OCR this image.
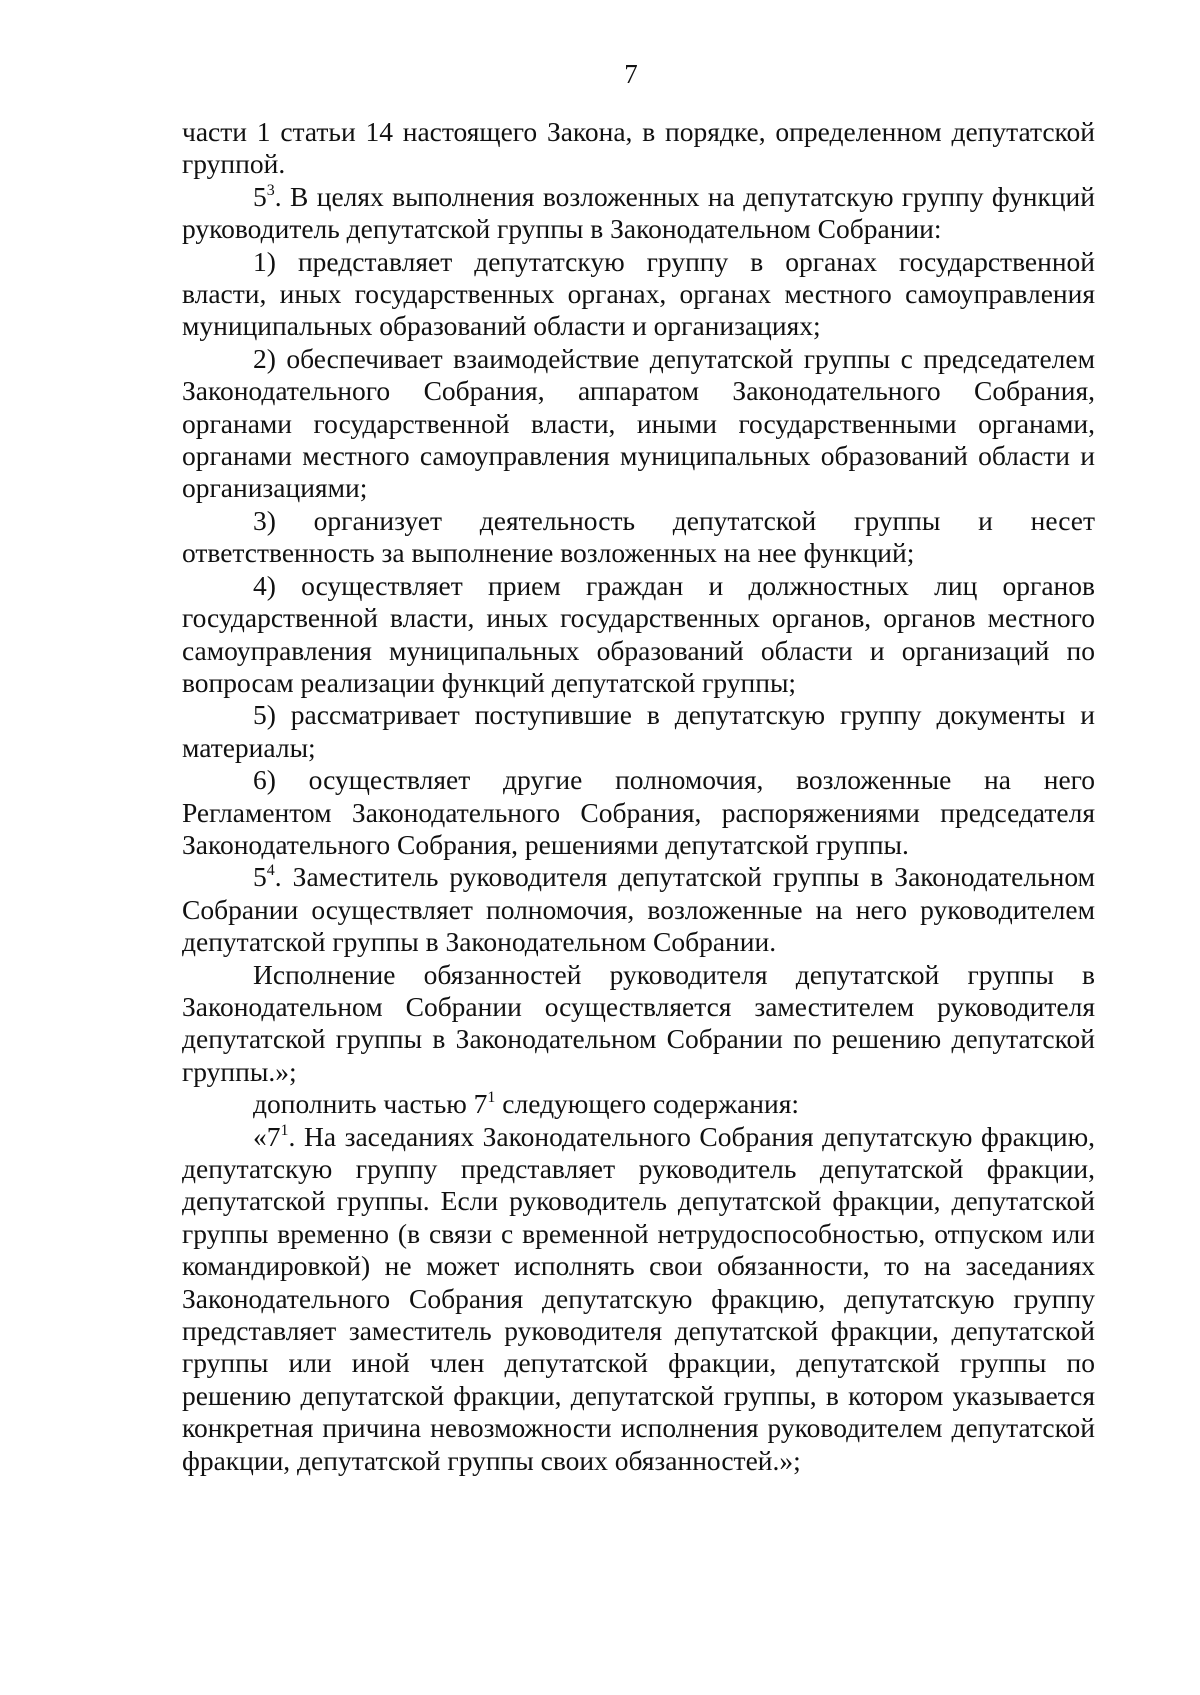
7

части 1 статьи 14 настоящего Закона, в порядке, определенном депутатской группой.

$5^3$. В целях выполнения возложенных на депутатскую группу функций руководитель депутатской группы в Законодательном Собрании:

1) представляет депутатскую группу в органах государственной власти, иных государственных органах, органах местного самоуправления муниципальных образований области и организациях;

2) обеспечивает взаимодействие депутатской группы с председателем Законодательного Собрания, аппаратом Законодательного Собрания, органами государственной власти, иными государственными органами, органами местного самоуправления муниципальных образований области и организациями;

3) организует деятельность депутатской группы и несет ответственность за выполнение возложенных на нее функций;

4) осуществляет прием граждан и должностных лиц органов государственной власти, иных государственных органов, органов местного самоуправления муниципальных образований области и организаций по вопросам реализации функций депутатской группы;

5) рассматривает поступившие в депутатскую группу документы и материалы;

6) осуществляет другие полномочия, возложенные на него Регламентом Законодательного Собрания, распоряжениями председателя Законодательного Собрания, решениями депутатской группы.

$5^4$. Заместитель руководителя депутатской группы в Законодательном Собрании осуществляет полномочия, возложенные на него руководителем депутатской группы в Законодательном Собрании.

Исполнение обязанностей руководителя депутатской группы в Законодательном Собрании осуществляется заместителем руководителя депутатской группы в Законодательном Собрании по решению депутатской группы.»;

дополнить частью $7^1$ следующего содержания:

«$7^1$. На заседаниях Законодательного Собрания депутатскую фракцию, депутатскую группу представляет руководитель депутатской фракции, депутатской группы. Если руководитель депутатской фракции, депутатской группы временно (в связи с временной нетрудоспособностью, отпуском или командировкой) не может исполнять свои обязанности, то на заседаниях Законодательного Собрания депутатскую фракцию, депутатскую группу представляет заместитель руководителя депутатской фракции, депутатской группы или иной член депутатской фракции, депутатской группы по решению депутатской фракции, депутатской группы, в котором указывается конкретная причина невозможности исполнения руководителем депутатской фракции, депутатской группы своих обязанностей.»;
